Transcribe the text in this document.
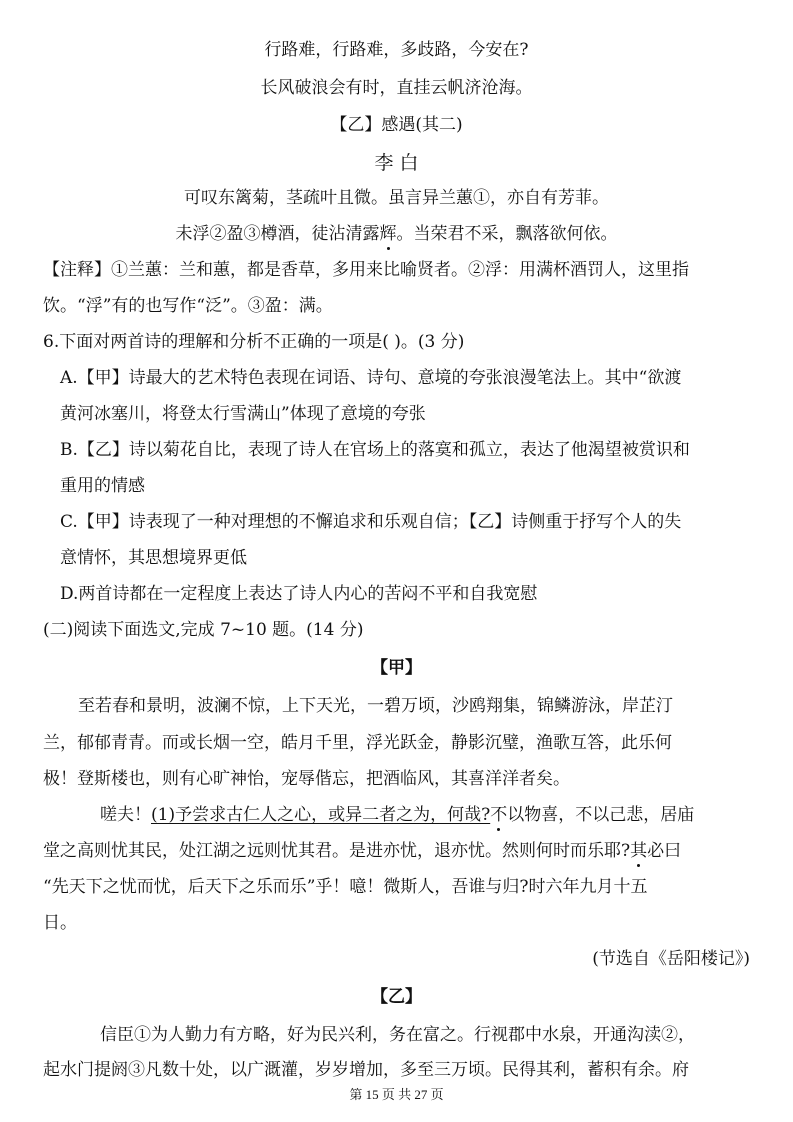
行路难，行路难，多歧路，今安在?
长风破浪会有时，直挂云帆济沧海。
【乙】感遇(其二)
李 白
可叹东篱菊，茎疏叶且微。虽言异兰蕙①，亦自有芳菲。
未浮②盈③樽酒，徒沾清露辉。当荣君不采，飘落欲何依。
【注释】①兰蕙：兰和蕙，都是香草，多用来比喻贤者。②浮：用满杯酒罚人，这里指
饮。“浮”有的也写作“泛”。③盈：满。
6.下面对两首诗的理解和分析不正确的一项是( )。(3 分)
A.【甲】诗最大的艺术特色表现在词语、诗句、意境的夸张浪漫笔法上。其中“欲渡
黄河冰塞川，将登太行雪满山”体现了意境的夸张
B.【乙】诗以菊花自比，表现了诗人在官场上的落寞和孤立，表达了他渴望被赏识和
重用的情感
C.【甲】诗表现了一种对理想的不懈追求和乐观自信；【乙】诗侧重于抒写个人的失
意情怀，其思想境界更低
D.两首诗都在一定程度上表达了诗人内心的苦闷不平和自我宽慰
(二)阅读下面选文,完成 7~10 题。(14 分)
【甲】
至若春和景明，波澜不惊，上下天光，一碧万顷，沙鸥翔集，锦鳞游泳，岸芷汀
兰，郁郁青青。而或长烟一空，皓月千里，浮光跃金，静影沉璧，渔歌互答，此乐何
极！登斯楼也，则有心旷神怡，宠辱偕忘，把酒临风，其喜洋洋者矣。
嗟夫！(1)予尝求古仁人之心，或异二者之为，何哉?不以物喜，不以己悲，居庙
堂之高则忧其民，处江湖之远则忧其君。是进亦忧，退亦忧。然则何时而乐耶?其必曰
“先天下之忧而忧，后天下之乐而乐”乎！噫！微斯人，吾谁与归?时六年九月十五
日。
(节选自《岳阳楼记》)
【乙】
信臣①为人勤力有方略，好为民兴利，务在富之。行视郡中水泉，开通沟渎②，
起水门提阏③凡数十处，以广溉灌，岁岁增加，多至三万顷。民得其利，蓄积有余。府
第 15 页 共 27 页
